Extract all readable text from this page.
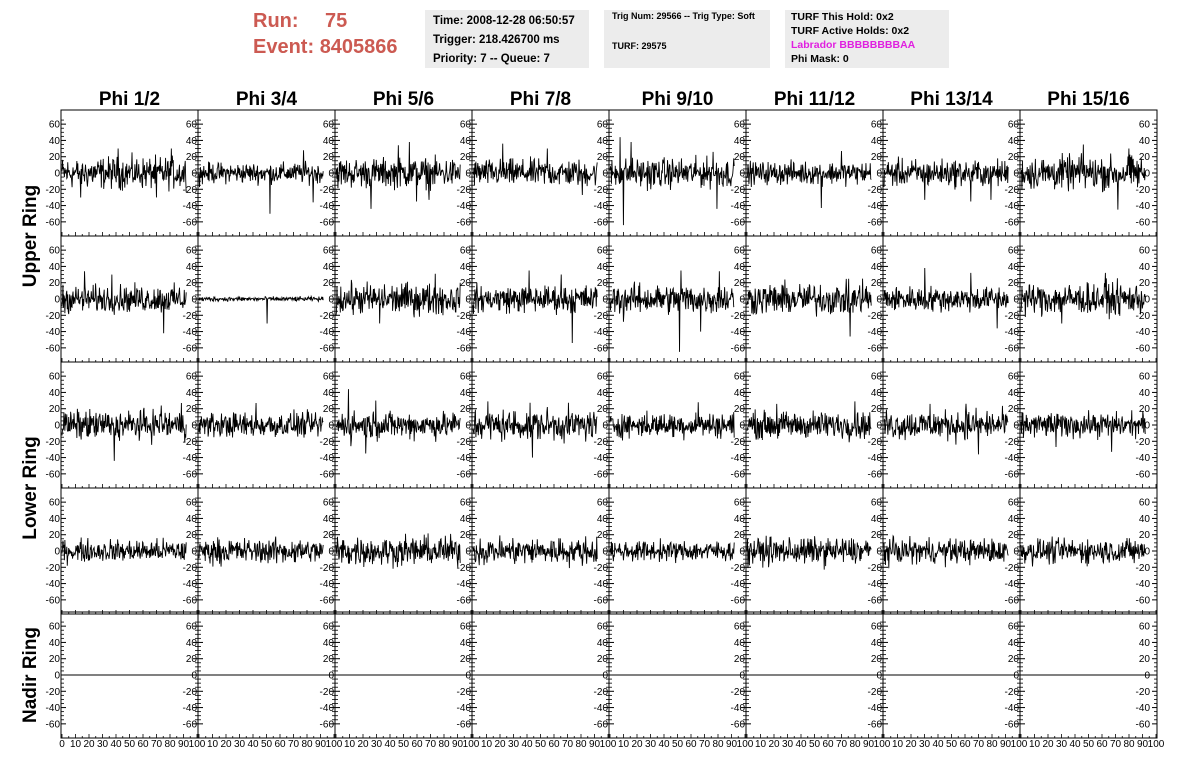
Run: 75
Event: 8405866
Time: 2008-12-28 06:50:57
Trigger: 218.426700 ms
Priority: 7 -- Queue: 7
Trig Num: 29566 -- Trig Type: Soft
TURF: 29575
TURF This Hold: 0x2
TURF Active Holds: 0x2
Labrador BBBBBBBBAA
Phi Mask: 0
Phi 1/2	Phi 3/4	Phi 5/6	Phi 7/8	Phi 9/10	Phi 11/12	Phi 13/14	Phi 15/16
Upper Ring
Lower Ring
Nadir Ring
-60
-40
-20
0
20
40
60
-60
-40
-20
0
20
40
60
-60
-40
-20
0
20
40
60
-60
-40
-20
0
20
40
60
-60
-40
-20
0
20
40
60
-60
-40
-20
0
20
40
60
-60
-40
-20
0
20
40
60
-60	-60
-40	-40
-20	-20
0	0
20	20
40	40
60	60
-60
-40
-20
0
20
40
60
-60
-40
-20
0
20
40
60
-60
-40
-20
0
20
40
60
-60
-40
-20
0
20
40
60
-60
-40
-20
0
20
40
60
-60
-40
-20
0
20
40
60
-60
-40
-20
0
20
40
60
-60	-60
-40	-40
-20	-20
0	0
20	20
40	40
60	60
-60
-40
-20
0
20
40
60
-60
-40
-20
0
20
40
60
-60
-40
-20
0
20
40
60
-60
-40
-20
0
20
40
60
-60
-40
-20
0
20
40
60
-60
-40
-20
0
20
40
60
-60
-40
-20
0
20
40
60
-60	-60
-40	-40
-20	-20
0	0
20	20
40	40
60	60
-60
-40
-20
0
20
40
60
-60
-40
-20
0
20
40
60
-60
-40
-20
0
20
40
60
-60
-40
-20
0
20
40
60
-60
-40
-20
0
20
40
60
-60
-40
-20
0
20
40
60
-60
-40
-20
0
20
40
60
-60	-60
-40	-40
-20	-20
0	0
20	20
40	40
60	60
-60
-40
-20
0
20
40
60
-60
-40
-20
0
20
40
60
-60
-40
-20
0
20
40
60
-60
-40
-20
0
20
40
60
-60
-40
-20
0
20
40
60
-60
-40
-20
0
20
40
60
-60
-40
-20
0
20
40
60
-60	-60
-40	-40
-20	-20
0	0
20	20
40	40
60	60
0 10 20 30 40 50 60 70 80 90 100 10 20 30 40 50 60 70 80 90 100 10 20 30 40 50 60 70 80 90 100 10 20 30 40 50 60 70 80 90 100 10 20 30 40 50 60 70 80 90 100 10 20 30 40 50 60 70 80 90 100 10 20 30 40 50 60 70 80 90 100 10 20 30 40 50 60 70 80 90 100
